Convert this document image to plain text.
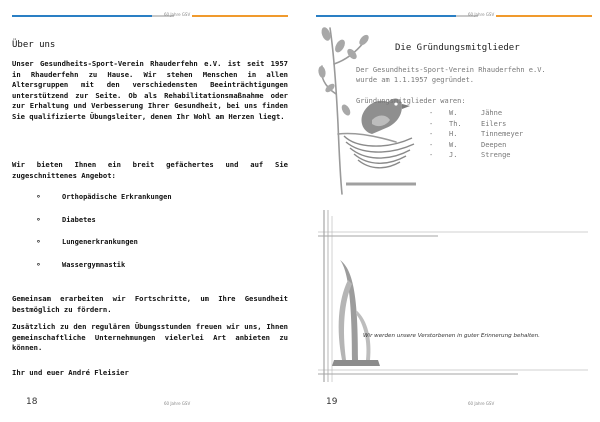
60 Jahre GSV
Über uns
Unser Gesundheits-Sport-Verein Rhauderfehn e.V. ist seit 1957 in Rhauderfehn zu Hause. Wir stehen Menschen in allen Altersgruppen mit den verschiedensten Beeinträchtigungen unterstützend zur Seite. Ob als Rehabilitationsmaßnahme oder zur Erhaltung und Verbesserung Ihrer Gesundheit, bei uns finden Sie qualifizierte Übungsleiter, denen Ihr Wohl am Herzen liegt.
Wir bieten Ihnen ein breit gefächertes und auf Sie zugeschnittenes Angebot:
∘ Orthopädische Erkrankungen
∘ Diabetes
∘ Lungenerkrankungen
∘ Wassergymnastik
Gemeinsam erarbeiten wir Fortschritte, um Ihre Gesundheit bestmöglich zu fördern.
Zusätzlich zu den regulären Übungsstunden freuen wir uns, Ihnen gemeinschaftliche Unternehmungen vielerlei Art anbieten zu können.
Ihr und euer André Fleisier
18	60 Jahre GSV
60 Jahre GSV
Die Gründungsmitglieder
Der Gesundheits-Sport-Verein Rhauderfehn e.V.
wurde am 1.1.1957 gegründet.
Gründungsmitglieder waren:
- W.	Jähne
- Th.	Eilers
- H.	Tinnemeyer
- W.	Deepen
- J.	Strenge
Wir werden unsere Verstorbenen in guter Erinnerung behalten.
19	60 Jahre GSV
